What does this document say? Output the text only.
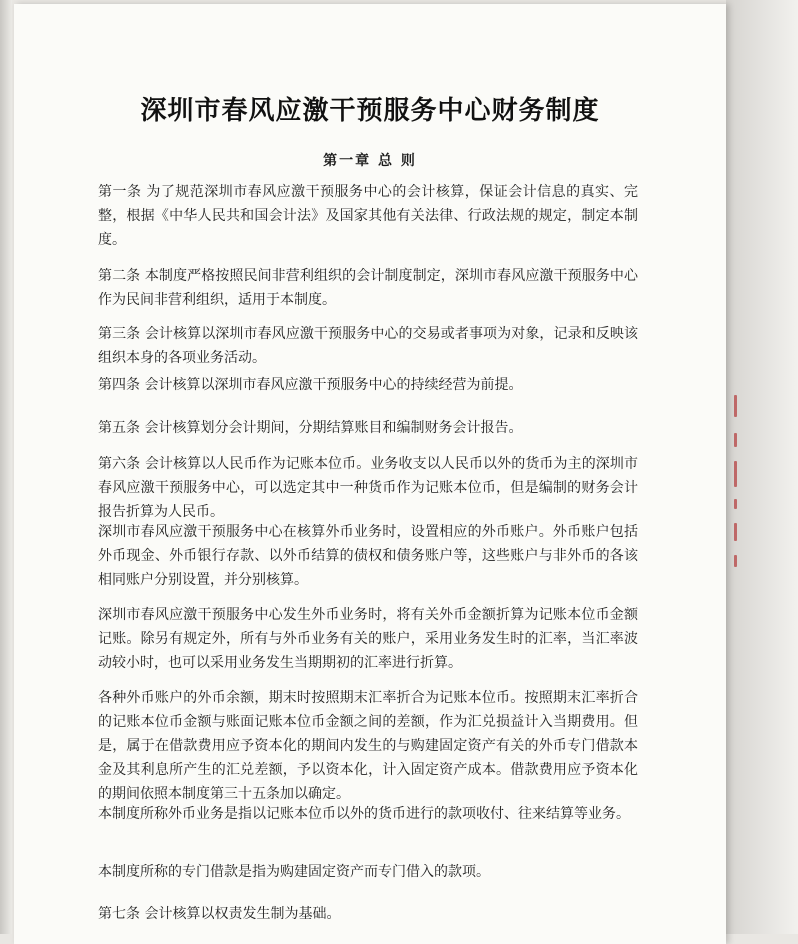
深圳市春风应激干预服务中心财务制度
第一章 总 则
第一条 为了规范深圳市春风应激干预服务中心的会计核算，保证会计信息的真实、完整，根据《中华人民共和国会计法》及国家其他有关法律、行政法规的规定，制定本制度。
第二条 本制度严格按照民间非营利组织的会计制度制定，深圳市春风应激干预服务中心作为民间非营利组织，适用于本制度。
第三条 会计核算以深圳市春风应激干预服务中心的交易或者事项为对象，记录和反映该组织本身的各项业务活动。
第四条 会计核算以深圳市春风应激干预服务中心的持续经营为前提。
第五条 会计核算划分会计期间，分期结算账目和编制财务会计报告。
第六条 会计核算以人民币作为记账本位币。业务收支以人民币以外的货币为主的深圳市春风应激干预服务中心，可以选定其中一种货币作为记账本位币，但是编制的财务会计报告折算为人民币。
深圳市春风应激干预服务中心在核算外币业务时，设置相应的外币账户。外币账户包括外币现金、外币银行存款、以外币结算的债权和债务账户等，这些账户与非外币的各该相同账户分别设置，并分别核算。
深圳市春风应激干预服务中心发生外币业务时，将有关外币金额折算为记账本位币金额记账。除另有规定外，所有与外币业务有关的账户，采用业务发生时的汇率，当汇率波动较小时，也可以采用业务发生当期期初的汇率进行折算。
各种外币账户的外币余额，期末时按照期末汇率折合为记账本位币。按照期末汇率折合的记账本位币金额与账面记账本位币金额之间的差额，作为汇兑损益计入当期费用。但是，属于在借款费用应予资本化的期间内发生的与购建固定资产有关的外币专门借款本金及其利息所产生的汇兑差额，予以资本化，计入固定资产成本。借款费用应予资本化的期间依照本制度第三十五条加以确定。
本制度所称外币业务是指以记账本位币以外的货币进行的款项收付、往来结算等业务。
本制度所称的专门借款是指为购建固定资产而专门借入的款项。
第七条 会计核算以权责发生制为基础。
